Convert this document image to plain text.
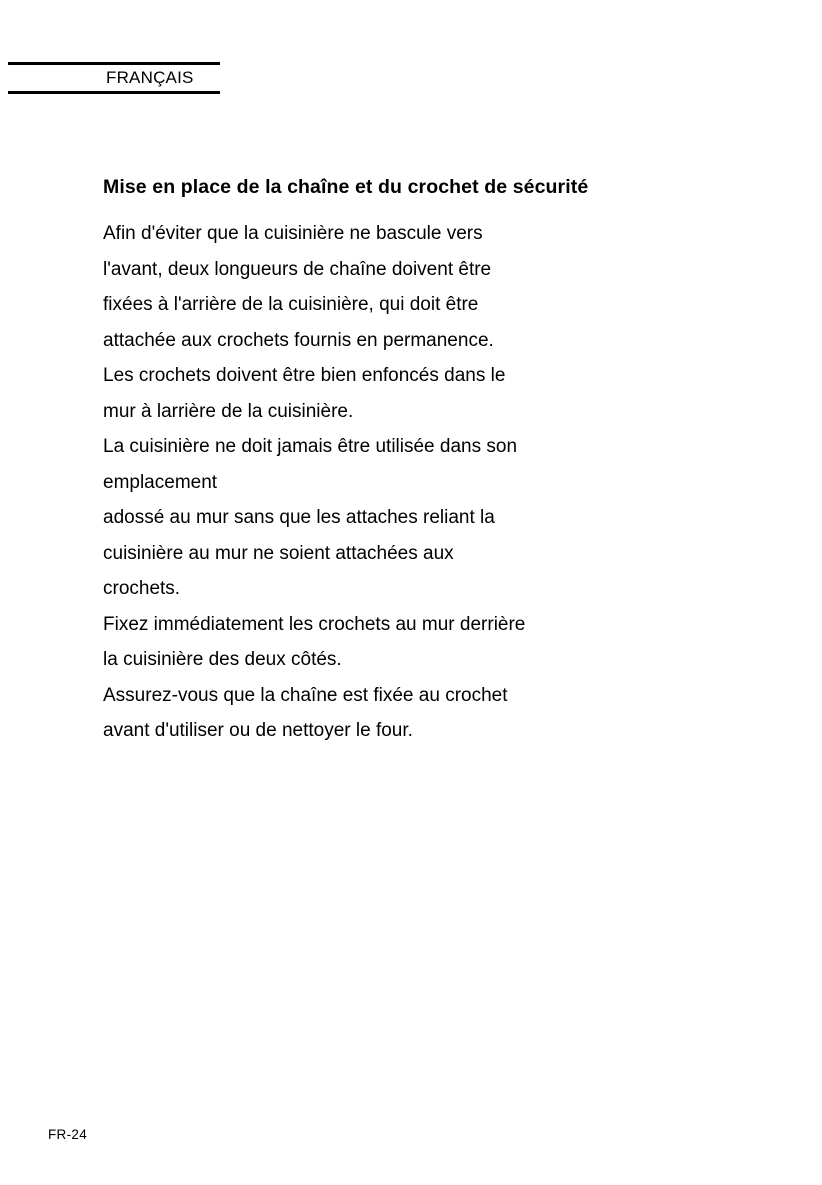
FRANÇAIS
Mise en place de la chaîne et du crochet de sécurité

Afin d'éviter que la cuisinière ne bascule vers
l'avant, deux longueurs de chaîne doivent être
fixées à l'arrière de la cuisinière, qui doit être
attachée aux crochets fournis en permanence.
Les crochets doivent être bien enfoncés dans le
mur à larrière de la cuisinière.
La cuisinière ne doit jamais être utilisée dans son
emplacement
adossé au mur sans que les attaches reliant la
cuisinière au mur ne soient attachées aux
crochets.
Fixez immédiatement les crochets au mur derrière
la cuisinière des deux côtés.
Assurez-vous que la chaîne est fixée au crochet
avant d'utiliser ou de nettoyer le four.

FR-24
